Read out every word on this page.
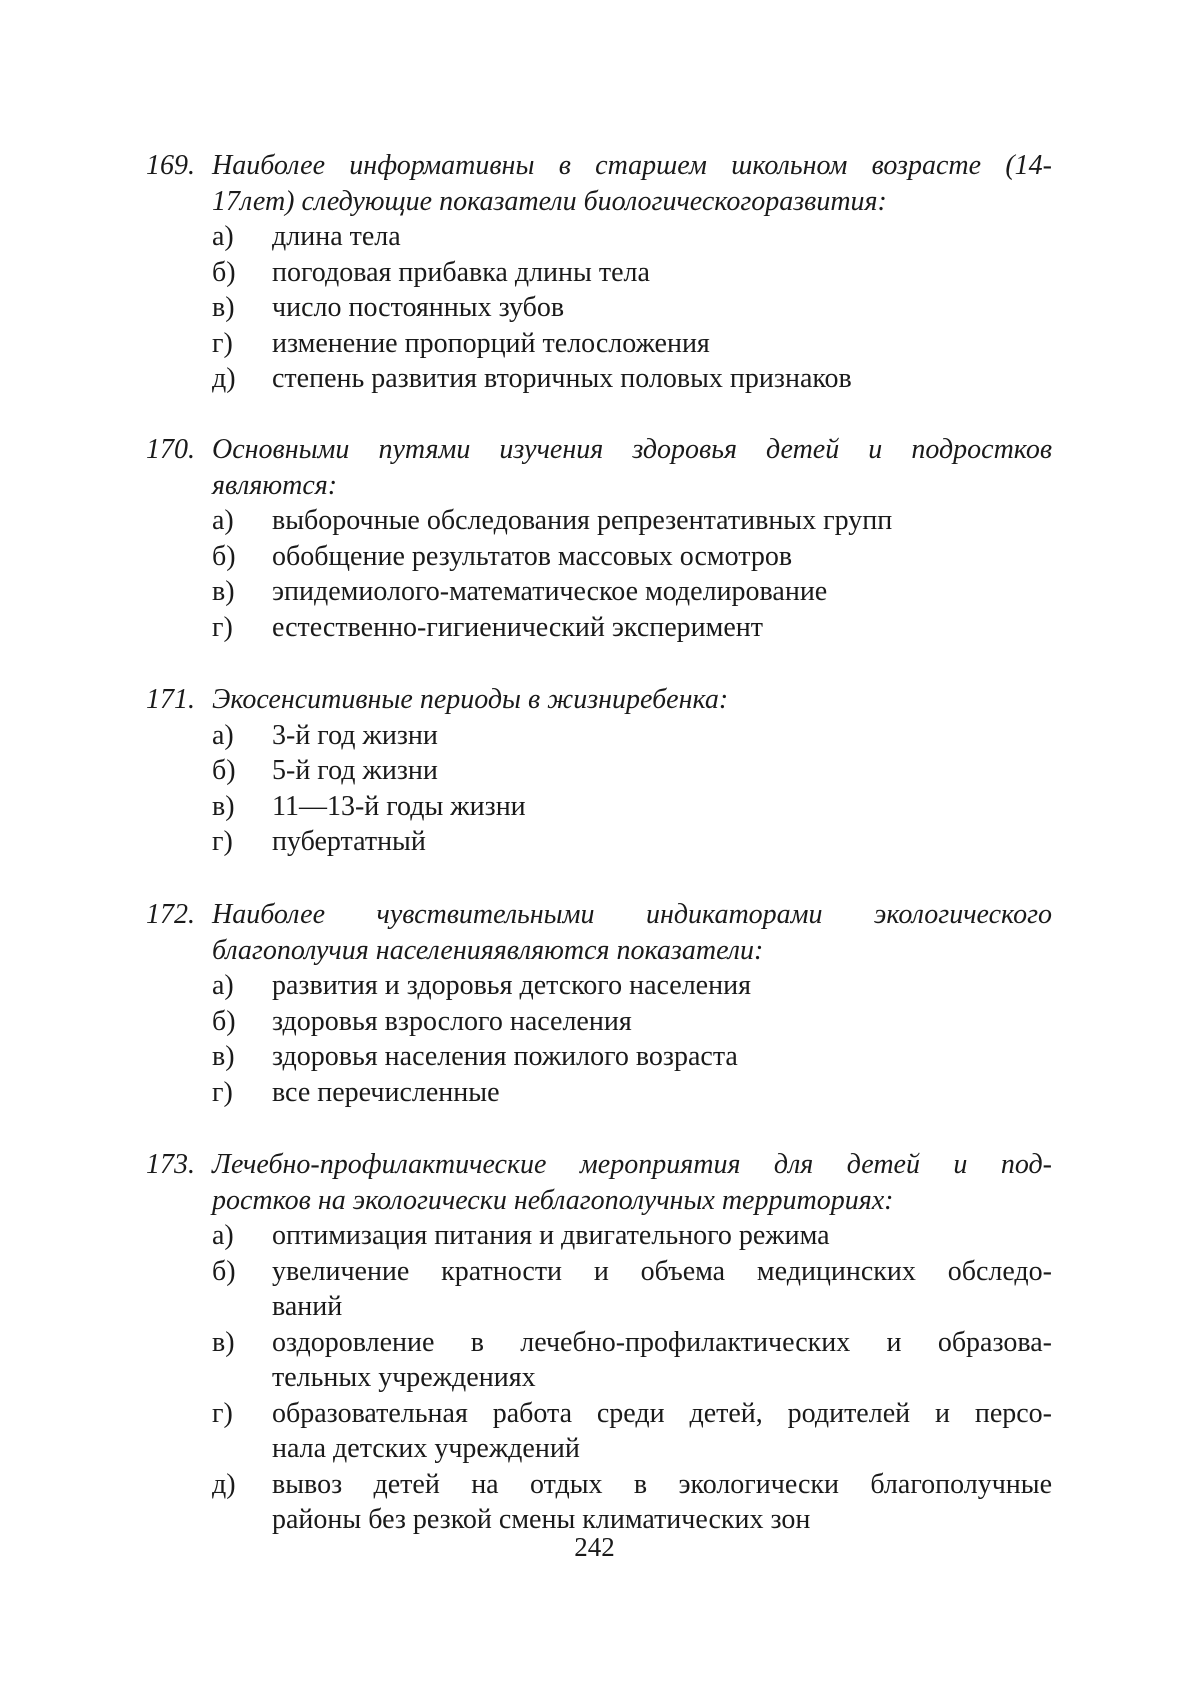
169. Наиболее информативны в старшем школьном возрасте (14-
17лет) следующие показатели биологическогоразвития:
а) длина тела
б) погодовая прибавка длины тела
в) число постоянных зубов
г) изменение пропорций телосложения
д) степень развития вторичных половых признаков
170. Основными путями изучения здоровья детей и подростков
являются:
а) выборочные обследования репрезентативных групп
б) обобщение результатов массовых осмотров
в) эпидемиолого-математическое моделирование
г) естественно-гигиенический эксперимент
171. Экосенситивные периоды в жизниребенка:
а) 3-й год жизни
б) 5-й год жизни
в) 11—13-й годы жизни
г) пубертатный
172. Наиболее чувствительными индикаторами экологического
благополучия населенияявляются показатели:
а) развития и здоровья детского населения
б) здоровья взрослого населения
в) здоровья населения пожилого возраста
г) все перечисленные
173. Лечебно-профилактические мероприятия для детей и под-
ростков на экологически неблагополучных территориях:
а) оптимизация питания и двигательного режима
б) увеличение кратности и объема медицинских обследо-
ваний
в) оздоровление в лечебно-профилактических и образова-
тельных учреждениях
г) образовательная работа среди детей, родителей и персо-
нала детских учреждений
д) вывоз детей на отдых в экологически благополучные
районы без резкой смены климатических зон
242
